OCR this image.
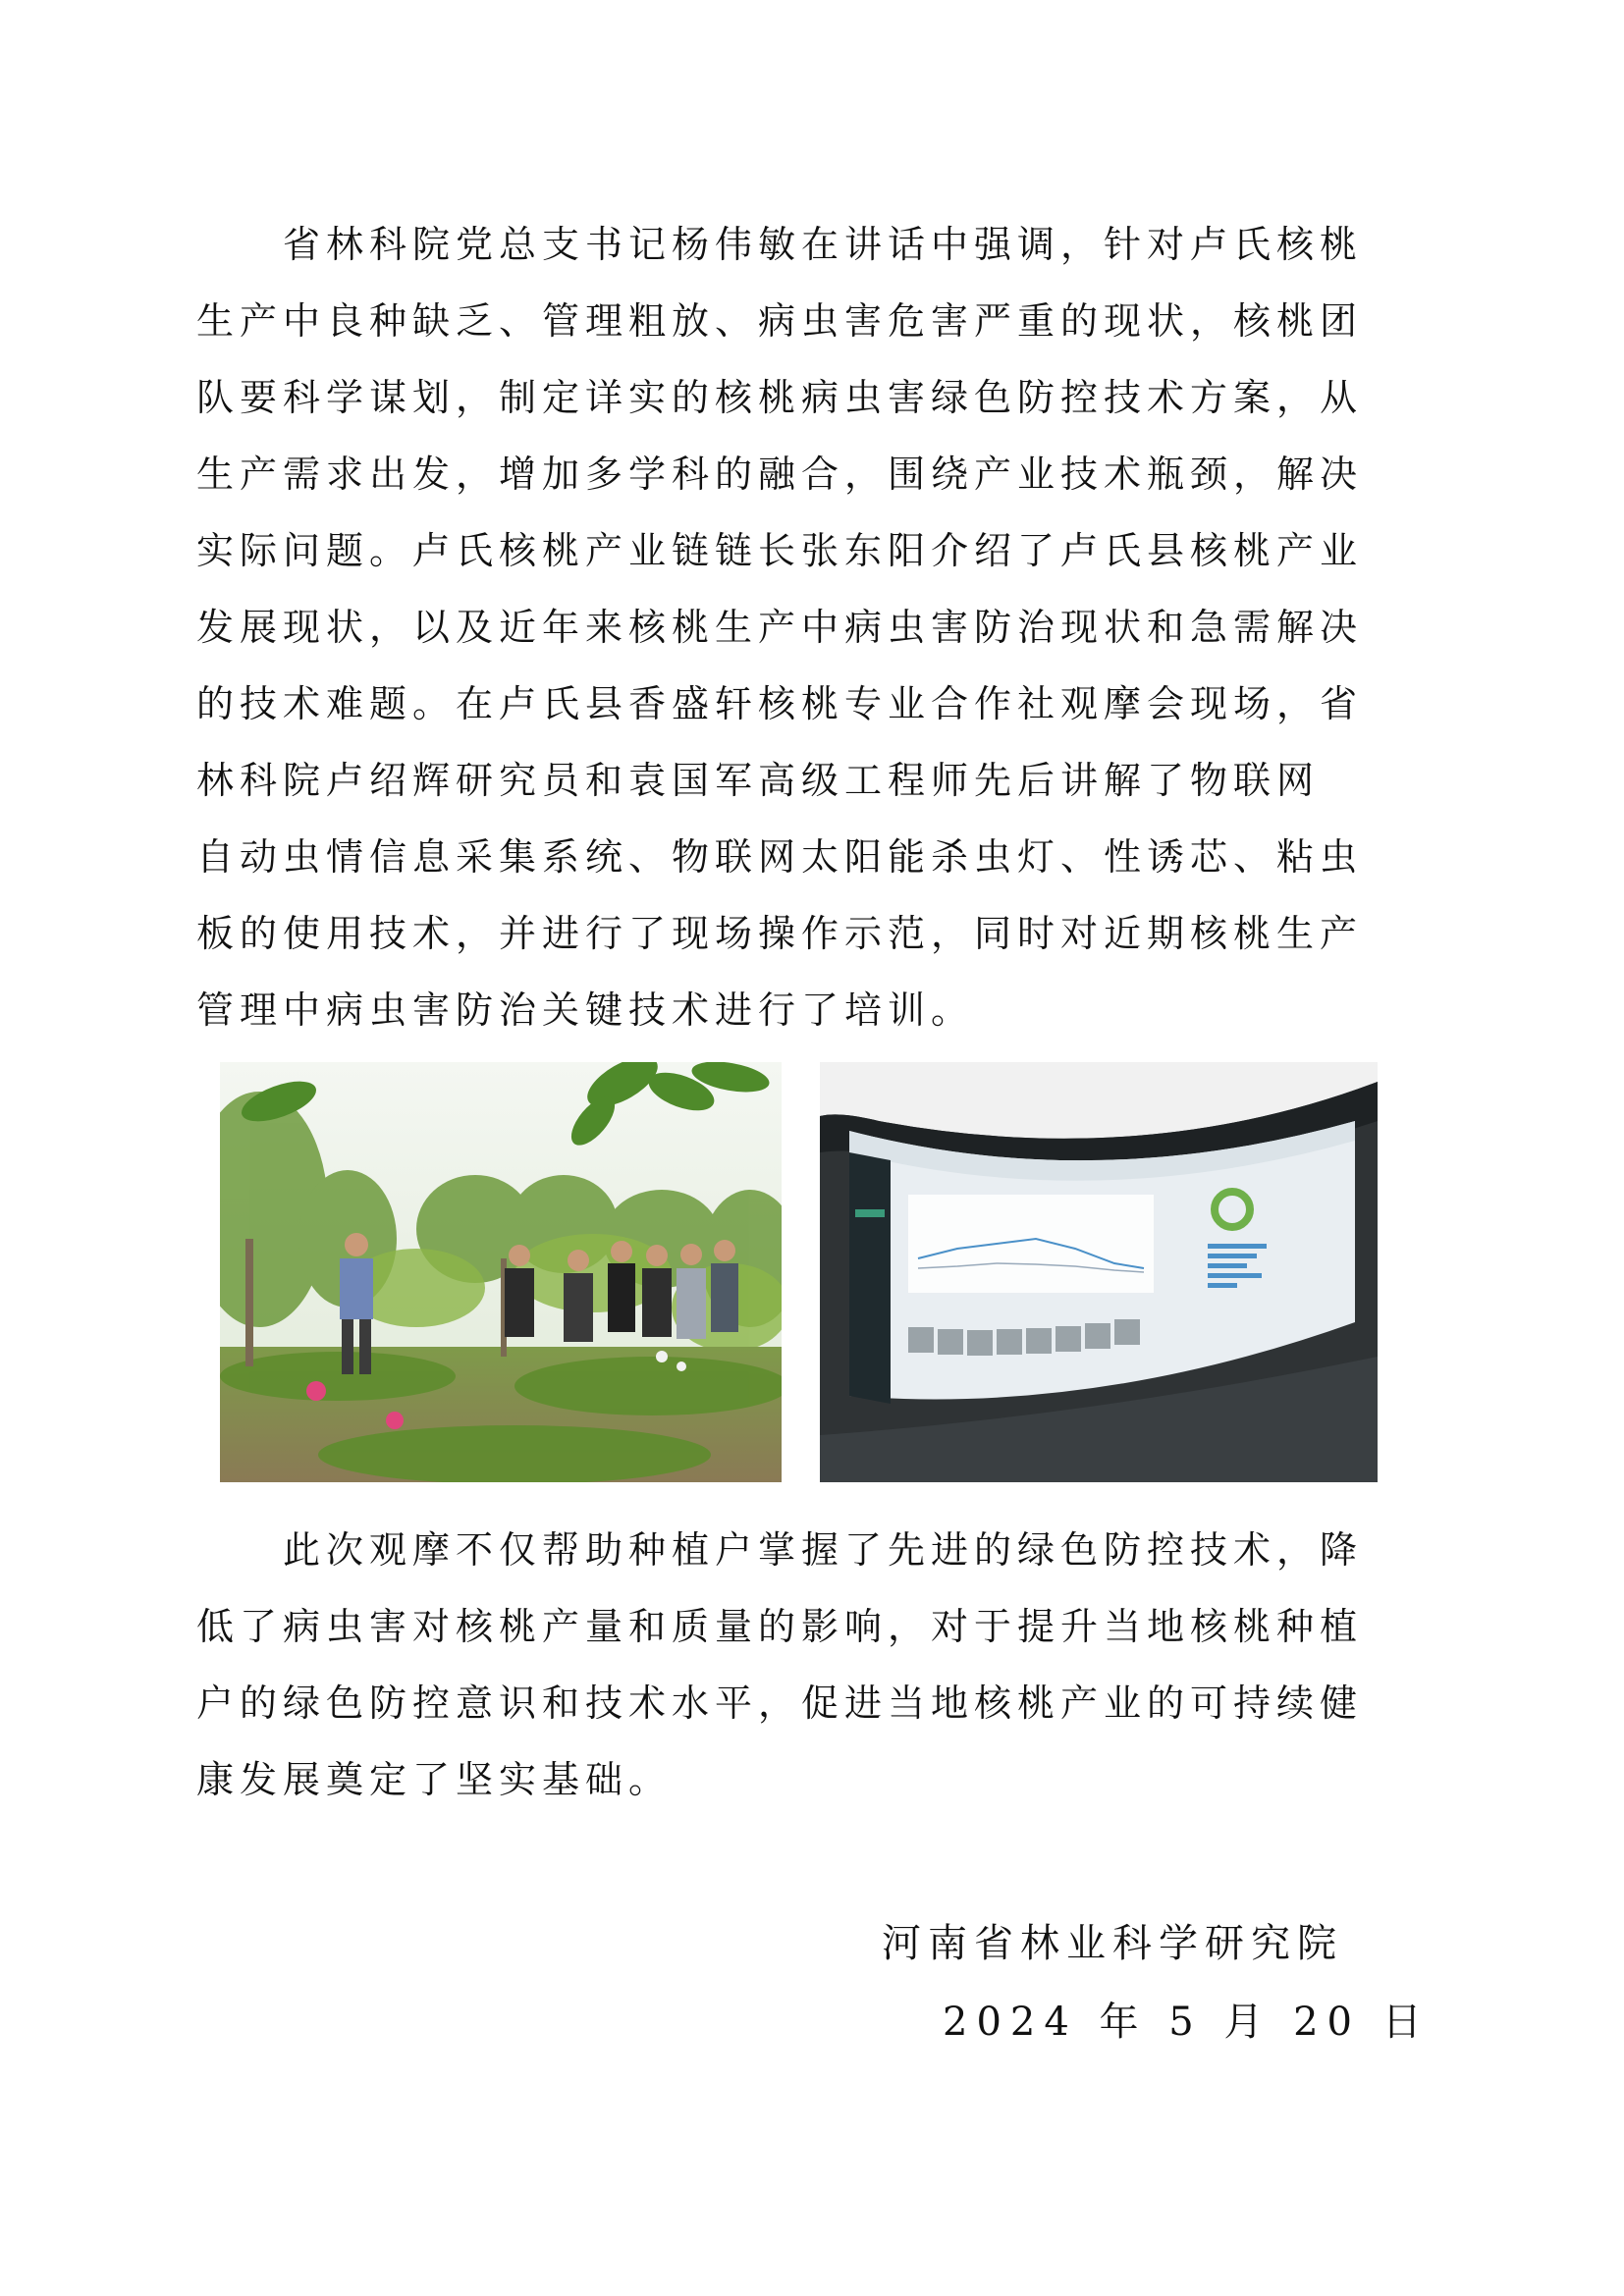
　　省林科院党总支书记杨伟敏在讲话中强调，针对卢氏核桃
生产中良种缺乏、管理粗放、病虫害危害严重的现状，核桃团
队要科学谋划，制定详实的核桃病虫害绿色防控技术方案，从
生产需求出发，增加多学科的融合，围绕产业技术瓶颈，解决
实际问题。卢氏核桃产业链链长张东阳介绍了卢氏县核桃产业
发展现状，以及近年来核桃生产中病虫害防治现状和急需解决
的技术难题。在卢氏县香盛轩核桃专业合作社观摩会现场，省
林科院卢绍辉研究员和袁国军高级工程师先后讲解了物联网
自动虫情信息采集系统、物联网太阳能杀虫灯、性诱芯、粘虫
板的使用技术，并进行了现场操作示范，同时对近期核桃生产
管理中病虫害防治关键技术进行了培训。

　　此次观摩不仅帮助种植户掌握了先进的绿色防控技术，降
低了病虫害对核桃产量和质量的影响，对于提升当地核桃种植
户的绿色防控意识和技术水平，促进当地核桃产业的可持续健
康发展奠定了坚实基础。

河南省林业科学研究院
2024 年 5 月 20 日
